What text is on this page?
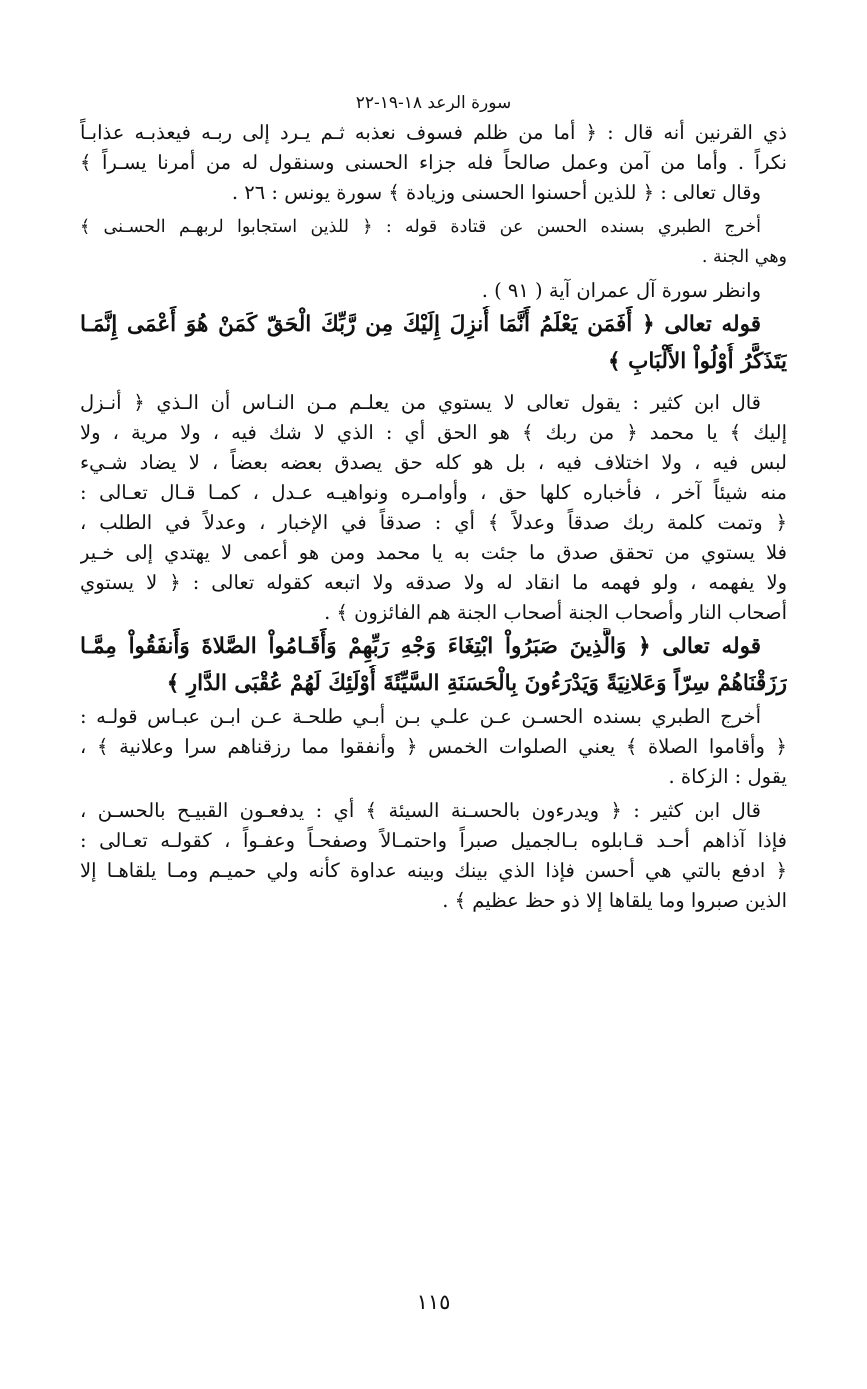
سورة الرعد ١٨-١٩-٢٢
ذي القرنين أنه قال : ﴿ أما من ظلم فسوف نعذبه ثـم يـرد إلى ربـه فيعذبـه عذابـاً
نكراً . وأما من آمن وعمل صالحاً فله جزاء الحسنى وسنقول له من أمرنا يسـراً ﴾
وقال تعالى : ﴿ للذين أحسنوا الحسنى وزيادة ﴾ سورة يونس : ٢٦ .
أخرج الطبري بسنده الحسن عن قتادة قوله : ﴿ للذين استجابوا لربهـم الحسـنى ﴾
وهي الجنة .
وانظر سورة آل عمران آية ( ٩١ ) .
قوله تعالى ﴿ أَفَمَن يَعْلَمُ أَنَّمَا أُنزِلَ إِلَيْكَ مِن رَّبِّكَ الْحَقّ كَمَنْ هُوَ أَعْمَى إِنَّمَـا
يَتَذَكَّرُ أُوْلُواْ الأَلْبَابِ ﴾
قال ابن كثير : يقول تعالى لا يستوي من يعلـم مـن النـاس أن الـذي ﴿ أنـزل
إليك ﴾ يا محمد ﴿ من ربك ﴾ هو الحق أي : الذي لا شك فيه ، ولا مرية ، ولا
لبس فيه ، ولا اختلاف فيه ، بل هو كله حق يصدق بعضه بعضاً ، لا يضاد شـيء
منه شيئاً آخر ، فأخباره كلها حق ، وأوامـره ونواهيـه عـدل ، كمـا قـال تعـالى :
﴿ وتمت كلمة ربك صدقاً وعدلاً ﴾ أي : صدقاً في الإخبار ، وعدلاً في الطلب ،
فلا يستوي من تحقق صدق ما جئت به يا محمد ومن هو أعمى لا يهتدي إلى خـير
ولا يفهمه ، ولو فهمه ما انقاد له ولا صدقه ولا اتبعه كقوله تعالى : ﴿ لا يستوي
أصحاب النار وأصحاب الجنة أصحاب الجنة هم الفائزون ﴾ .
قوله تعالى ﴿ وَالَّذِينَ صَبَرُواْ ابْتِغَاءَ وَجْهِ رَبِّهِمْ وَأَقَـامُواْ الصَّلاةَ وَأَنفَقُواْ مِمَّـا
رَزَقْنَاهُمْ سِرّاً وَعَلانِيَةً وَيَدْرَءُونَ بِالْحَسَنَةِ السَّيِّئَةَ أُوْلَئِكَ لَهُمْ عُقْبَى الدَّارِ ﴾
أخرج الطبري بسنده الحسـن عـن علـي بـن أبـي طلحـة عـن ابـن عبـاس قولـه :
﴿ وأقاموا الصلاة ﴾ يعني الصلوات الخمس ﴿ وأنفقوا مما رزقناهم سرا وعلانية ﴾ ،
يقول : الزكاة .
قال ابن كثير : ﴿ ويدرءون بالحسـنة السيئة ﴾ أي : يدفعـون القبيـح بالحسـن ،
فإذا آذاهم أحـد قـابلوه بـالجميل صبراً واحتمـالاً وصفحـاً وعفـواً ، كقولـه تعـالى :
﴿ ادفع بالتي هي أحسن فإذا الذي بينك وبينه عداوة كأنه ولي حميـم ومـا يلقاهـا إلا
الذين صبروا وما يلقاها إلا ذو حظ عظيم ﴾ .
١١٥
